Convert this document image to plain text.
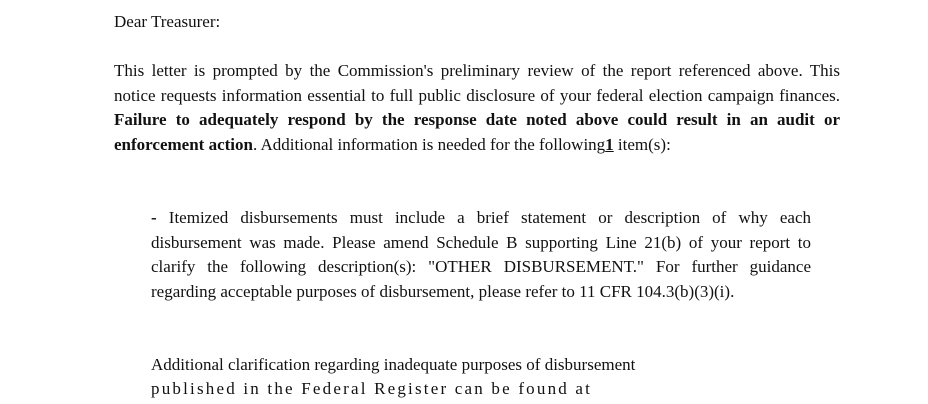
Dear Treasurer:
This letter is prompted by the Commission's preliminary review of the report referenced above. This notice requests information essential to full public disclosure of your federal election campaign finances. Failure to adequately respond by the response date noted above could result in an audit or enforcement action. Additional information is needed for the following1 item(s):
- Itemized disbursements must include a brief statement or description of why each disbursement was made. Please amend Schedule B supporting Line 21(b) of your report to clarify the following description(s): "OTHER DISBURSEMENT." For further guidance regarding acceptable purposes of disbursement, please refer to 11 CFR 104.3(b)(3)(i).
Additional clarification regarding inadequate purposes of disbursement
published in the Federal Register can be found at
